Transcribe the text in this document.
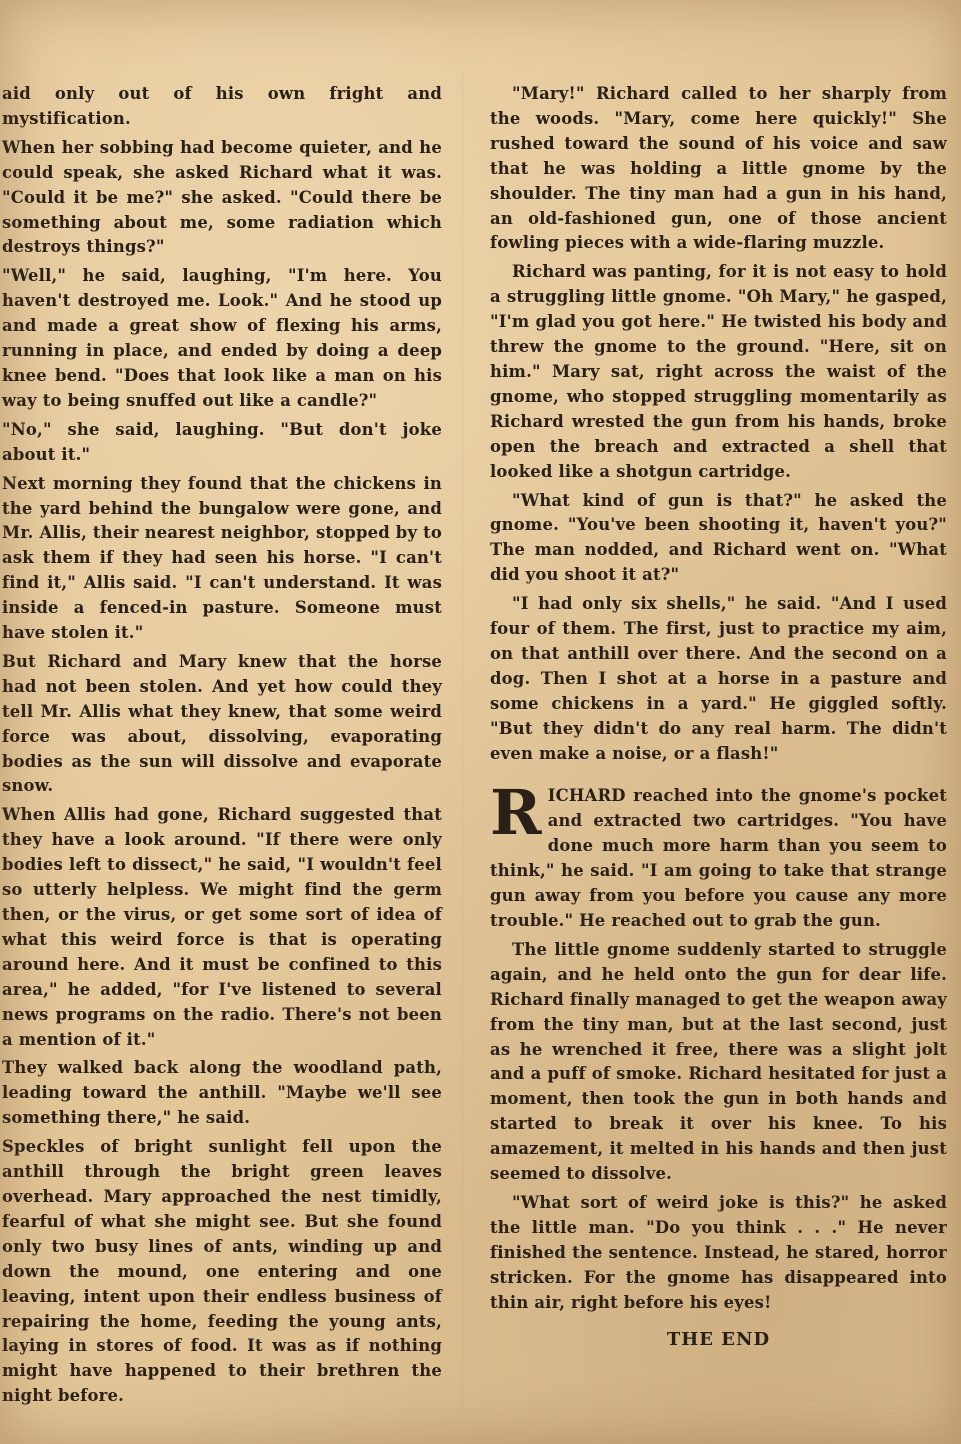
aid only out of his own fright and mystification.

When her sobbing had become quieter, and he could speak, she asked Richard what it was. "Could it be me?" she asked. "Could there be something about me, some radiation which destroys things?"

"Well," he said, laughing, "I'm here. You haven't destroyed me. Look." And he stood up and made a great show of flexing his arms, running in place, and ended by doing a deep knee bend. "Does that look like a man on his way to being snuffed out like a candle?"

"No," she said, laughing. "But don't joke about it."

Next morning they found that the chickens in the yard behind the bungalow were gone, and Mr. Allis, their nearest neighbor, stopped by to ask them if they had seen his horse. "I can't find it," Allis said. "I can't understand. It was inside a fenced-in pasture. Someone must have stolen it."

But Richard and Mary knew that the horse had not been stolen. And yet how could they tell Mr. Allis what they knew, that some weird force was about, dissolving, evaporating bodies as the sun will dissolve and evaporate snow.

When Allis had gone, Richard suggested that they have a look around. "If there were only bodies left to dissect," he said, "I wouldn't feel so utterly helpless. We might find the germ then, or the virus, or get some sort of idea of what this weird force is that is operating around here. And it must be confined to this area," he added, "for I've listened to several news programs on the radio. There's not been a mention of it."

They walked back along the woodland path, leading toward the anthill. "Maybe we'll see something there," he said.

Speckles of bright sunlight fell upon the anthill through the bright green leaves overhead. Mary approached the nest timidly, fearful of what she might see. But she found only two busy lines of ants, winding up and down the mound, one entering and one leaving, intent upon their endless business of repairing the home, feeding the young ants, laying in stores of food. It was as if nothing might have happened to their brethren the night before.

"Mary!" Richard called to her sharply from the woods. "Mary, come here quickly!" She rushed toward the sound of his voice and saw that he was holding a little gnome by the shoulder. The tiny man had a gun in his hand, an old-fashioned gun, one of those ancient fowling pieces with a wide-flaring muzzle.

Richard was panting, for it is not easy to hold a struggling little gnome. "Oh Mary," he gasped, "I'm glad you got here." He twisted his body and threw the gnome to the ground. "Here, sit on him." Mary sat, right across the waist of the gnome, who stopped struggling momentarily as Richard wrested the gun from his hands, broke open the breach and extracted a shell that looked like a shotgun cartridge.

"What kind of gun is that?" he asked the gnome. "You've been shooting it, haven't you?" The man nodded, and Richard went on. "What did you shoot it at?"

"I had only six shells," he said. "And I used four of them. The first, just to practice my aim, on that anthill over there. And the second on a dog. Then I shot at a horse in a pasture and some chickens in a yard." He giggled softly. "But they didn't do any real harm. The didn't even make a noise, or a flash!"

RICHARD reached into the gnome's pocket and extracted two cartridges. "You have done much more harm than you seem to think," he said. "I am going to take that strange gun away from you before you cause any more trouble." He reached out to grab the gun.

The little gnome suddenly started to struggle again, and he held onto the gun for dear life. Richard finally managed to get the weapon away from the tiny man, but at the last second, just as he wrenched it free, there was a slight jolt and a puff of smoke. Richard hesitated for just a moment, then took the gun in both hands and started to break it over his knee. To his amazement, it melted in his hands and then just seemed to dissolve.

"What sort of weird joke is this?" he asked the little man. "Do you think . . ." He never finished the sentence. Instead, he stared, horror stricken. For the gnome has disappeared into thin air, right before his eyes!

THE END
